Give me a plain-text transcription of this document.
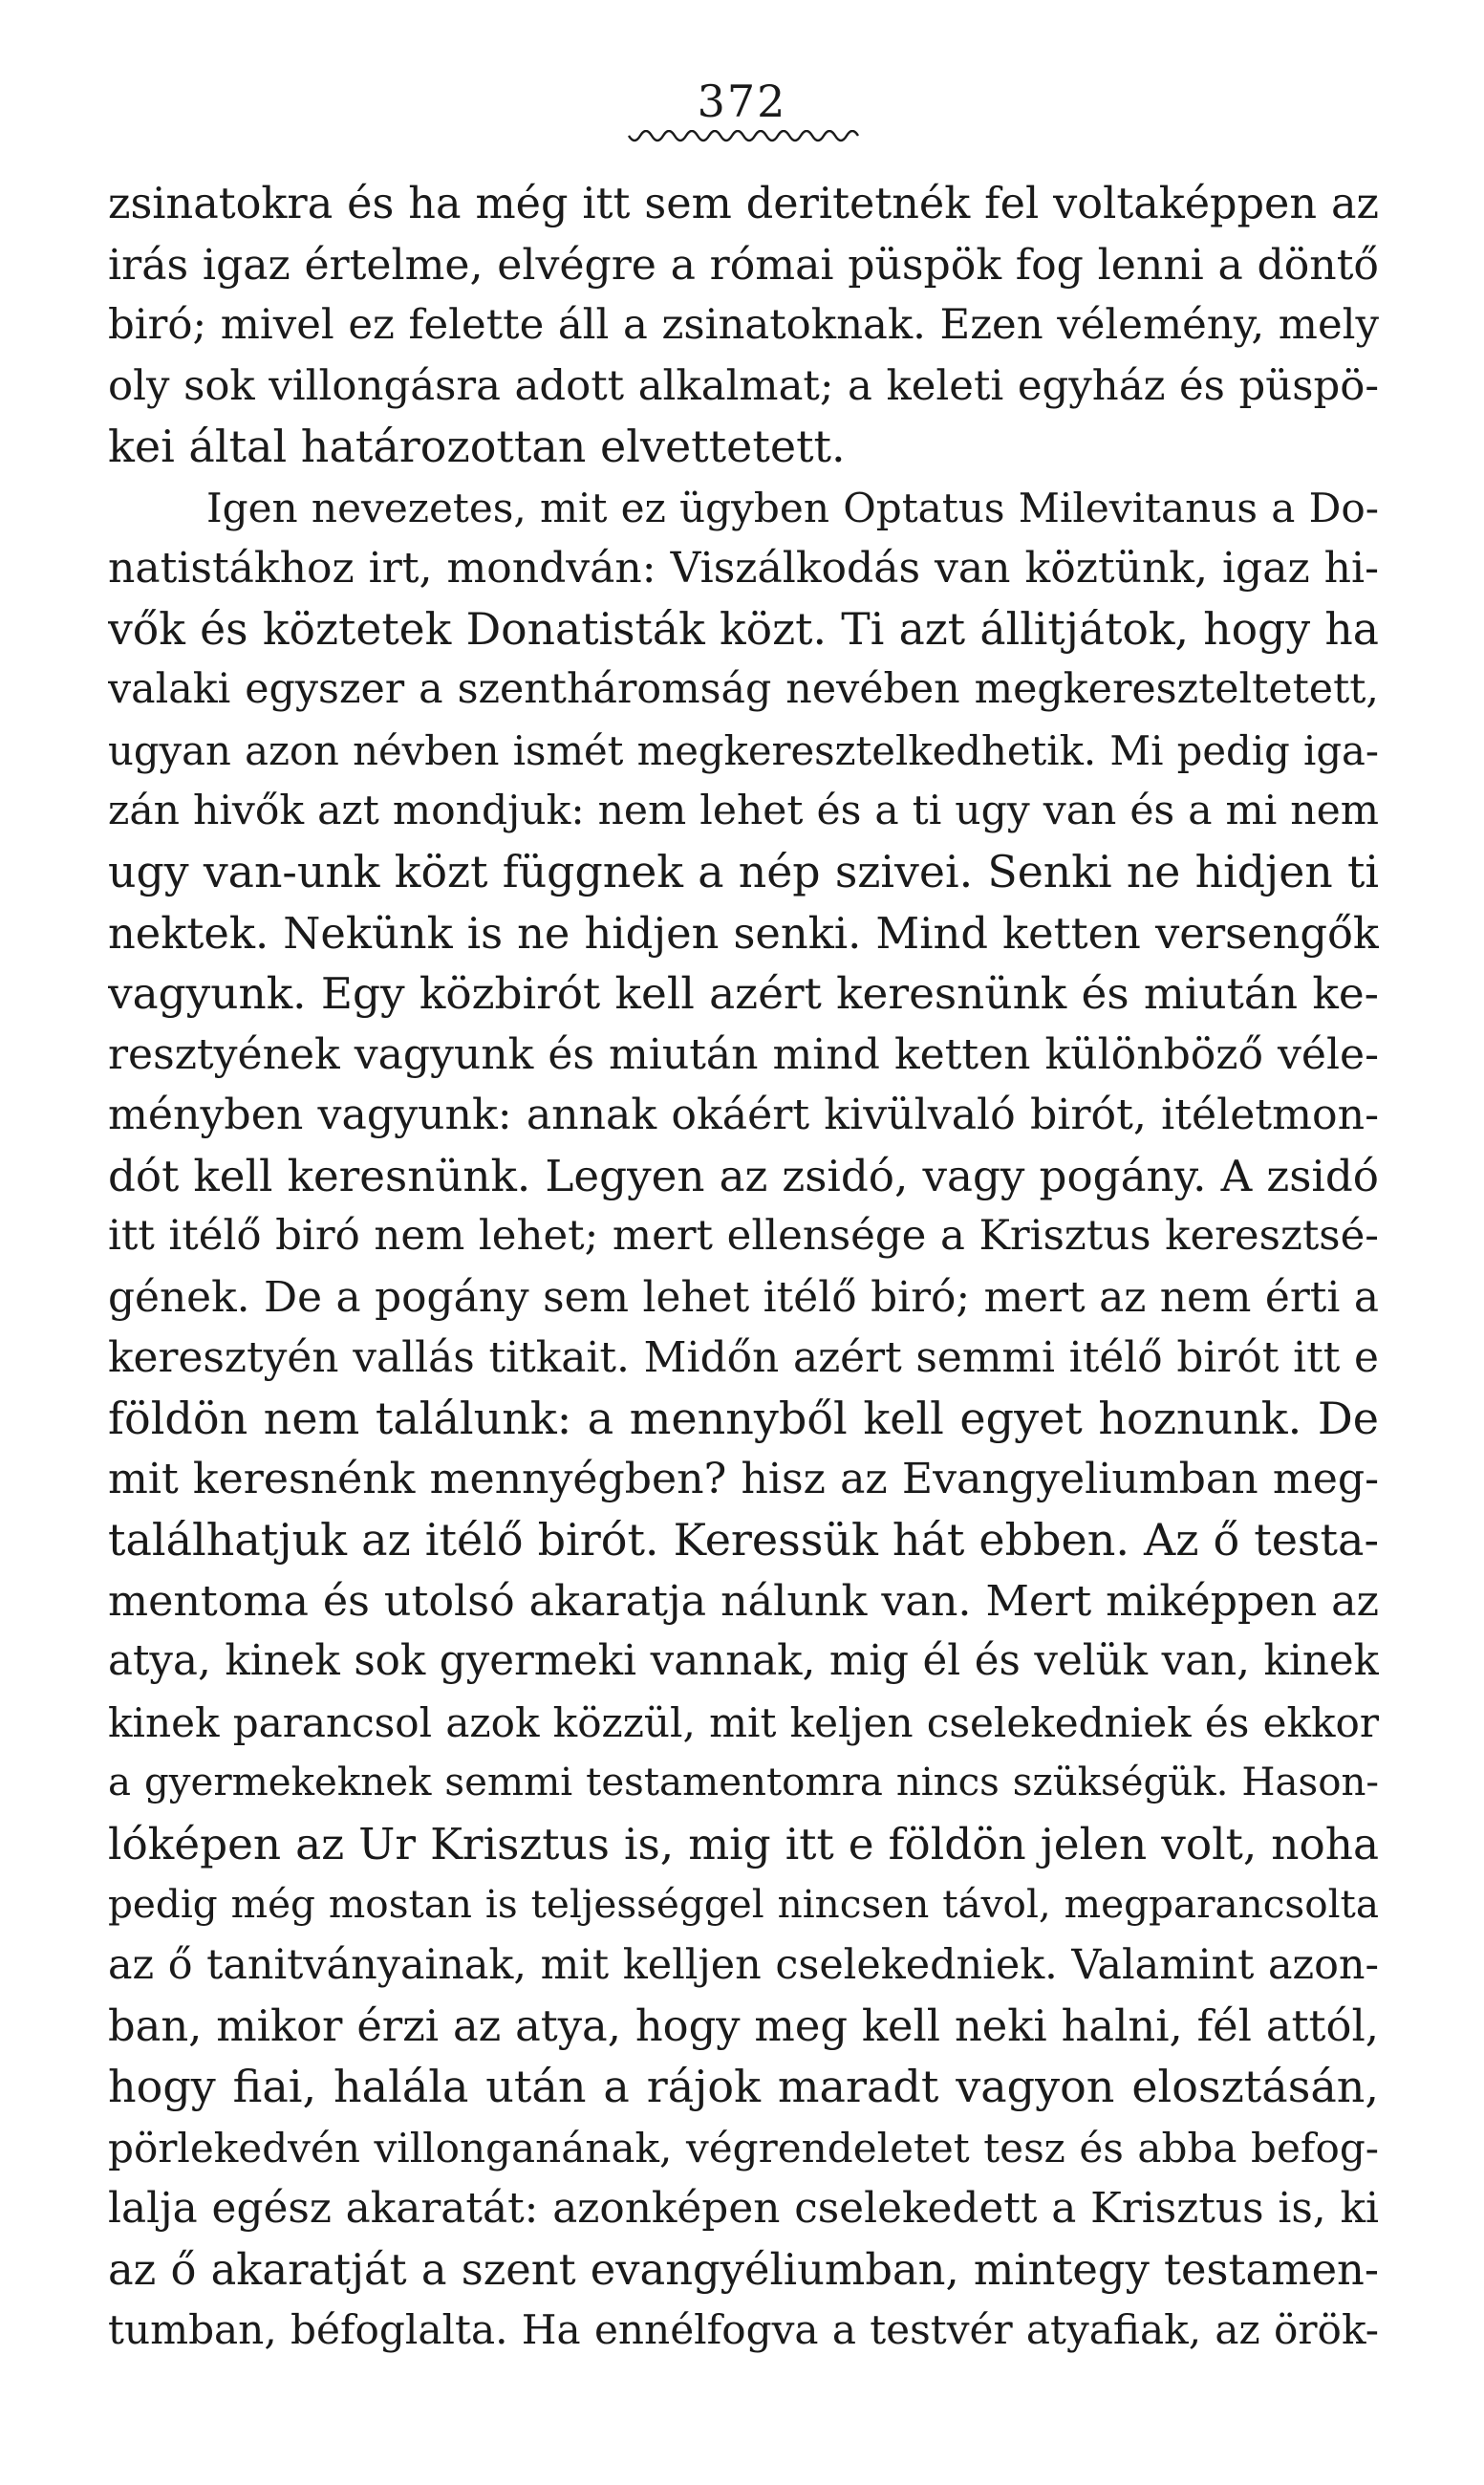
372
zsinatokra és ha még itt sem deritetnék fel voltaképpen az
irás igaz értelme, elvégre a római püspök fog lenni a döntő
biró; mivel ez felette áll a zsinatoknak. Ezen vélemény, mely
oly sok villongásra adott alkalmat; a keleti egyház és püspö-
kei által határozottan elvettetett.
Igen nevezetes, mit ez ügyben Optatus Milevitanus a Do-
natistákhoz irt, mondván: Viszálkodás van köztünk, igaz hi-
vők és köztetek Donatisták közt. Ti azt állitjátok, hogy ha
valaki egyszer a szentháromság nevében megkereszteltetett,
ugyan azon névben ismét megkeresztelkedhetik. Mi pedig iga-
zán hivők azt mondjuk: nem lehet és a ti ugy van és a mi nem
ugy van-unk közt függnek a nép szivei. Senki ne hidjen ti
nektek. Nekünk is ne hidjen senki. Mind ketten versengők
vagyunk. Egy közbirót kell azért keresnünk és miután ke-
resztyének vagyunk és miután mind ketten különböző véle-
ményben vagyunk: annak okáért kivülvaló birót, itéletmon-
dót kell keresnünk. Legyen az zsidó, vagy pogány. A zsidó
itt itélő biró nem lehet; mert ellensége a Krisztus keresztsé-
gének. De a pogány sem lehet itélő biró; mert az nem érti a
keresztyén vallás titkait. Midőn azért semmi itélő birót itt e
földön nem találunk: a mennyből kell egyet hoznunk. De
mit keresnénk mennyégben? hisz az Evangyeliumban meg-
találhatjuk az itélő birót. Keressük hát ebben. Az ő testa-
mentoma és utolsó akaratja nálunk van. Mert miképpen az
atya, kinek sok gyermeki vannak, mig él és velük van, kinek
kinek parancsol azok közzül, mit keljen cselekedniek és ekkor
a gyermekeknek semmi testamentomra nincs szükségük. Hason-
lóképen az Ur Krisztus is, mig itt e földön jelen volt, noha
pedig még mostan is teljességgel nincsen távol, megparancsolta
az ő tanitványainak, mit kelljen cselekedniek. Valamint azon-
ban, mikor érzi az atya, hogy meg kell neki halni, fél attól,
hogy fiai, halála után a rájok maradt vagyon elosztásán,
pörlekedvén villonganának, végrendeletet tesz és abba befog-
lalja egész akaratát: azonképen cselekedett a Krisztus is, ki
az ő akaratját a szent evangyéliumban, mintegy testamen-
tumban, béfoglalta. Ha ennélfogva a testvér atyafiak, az örök-
